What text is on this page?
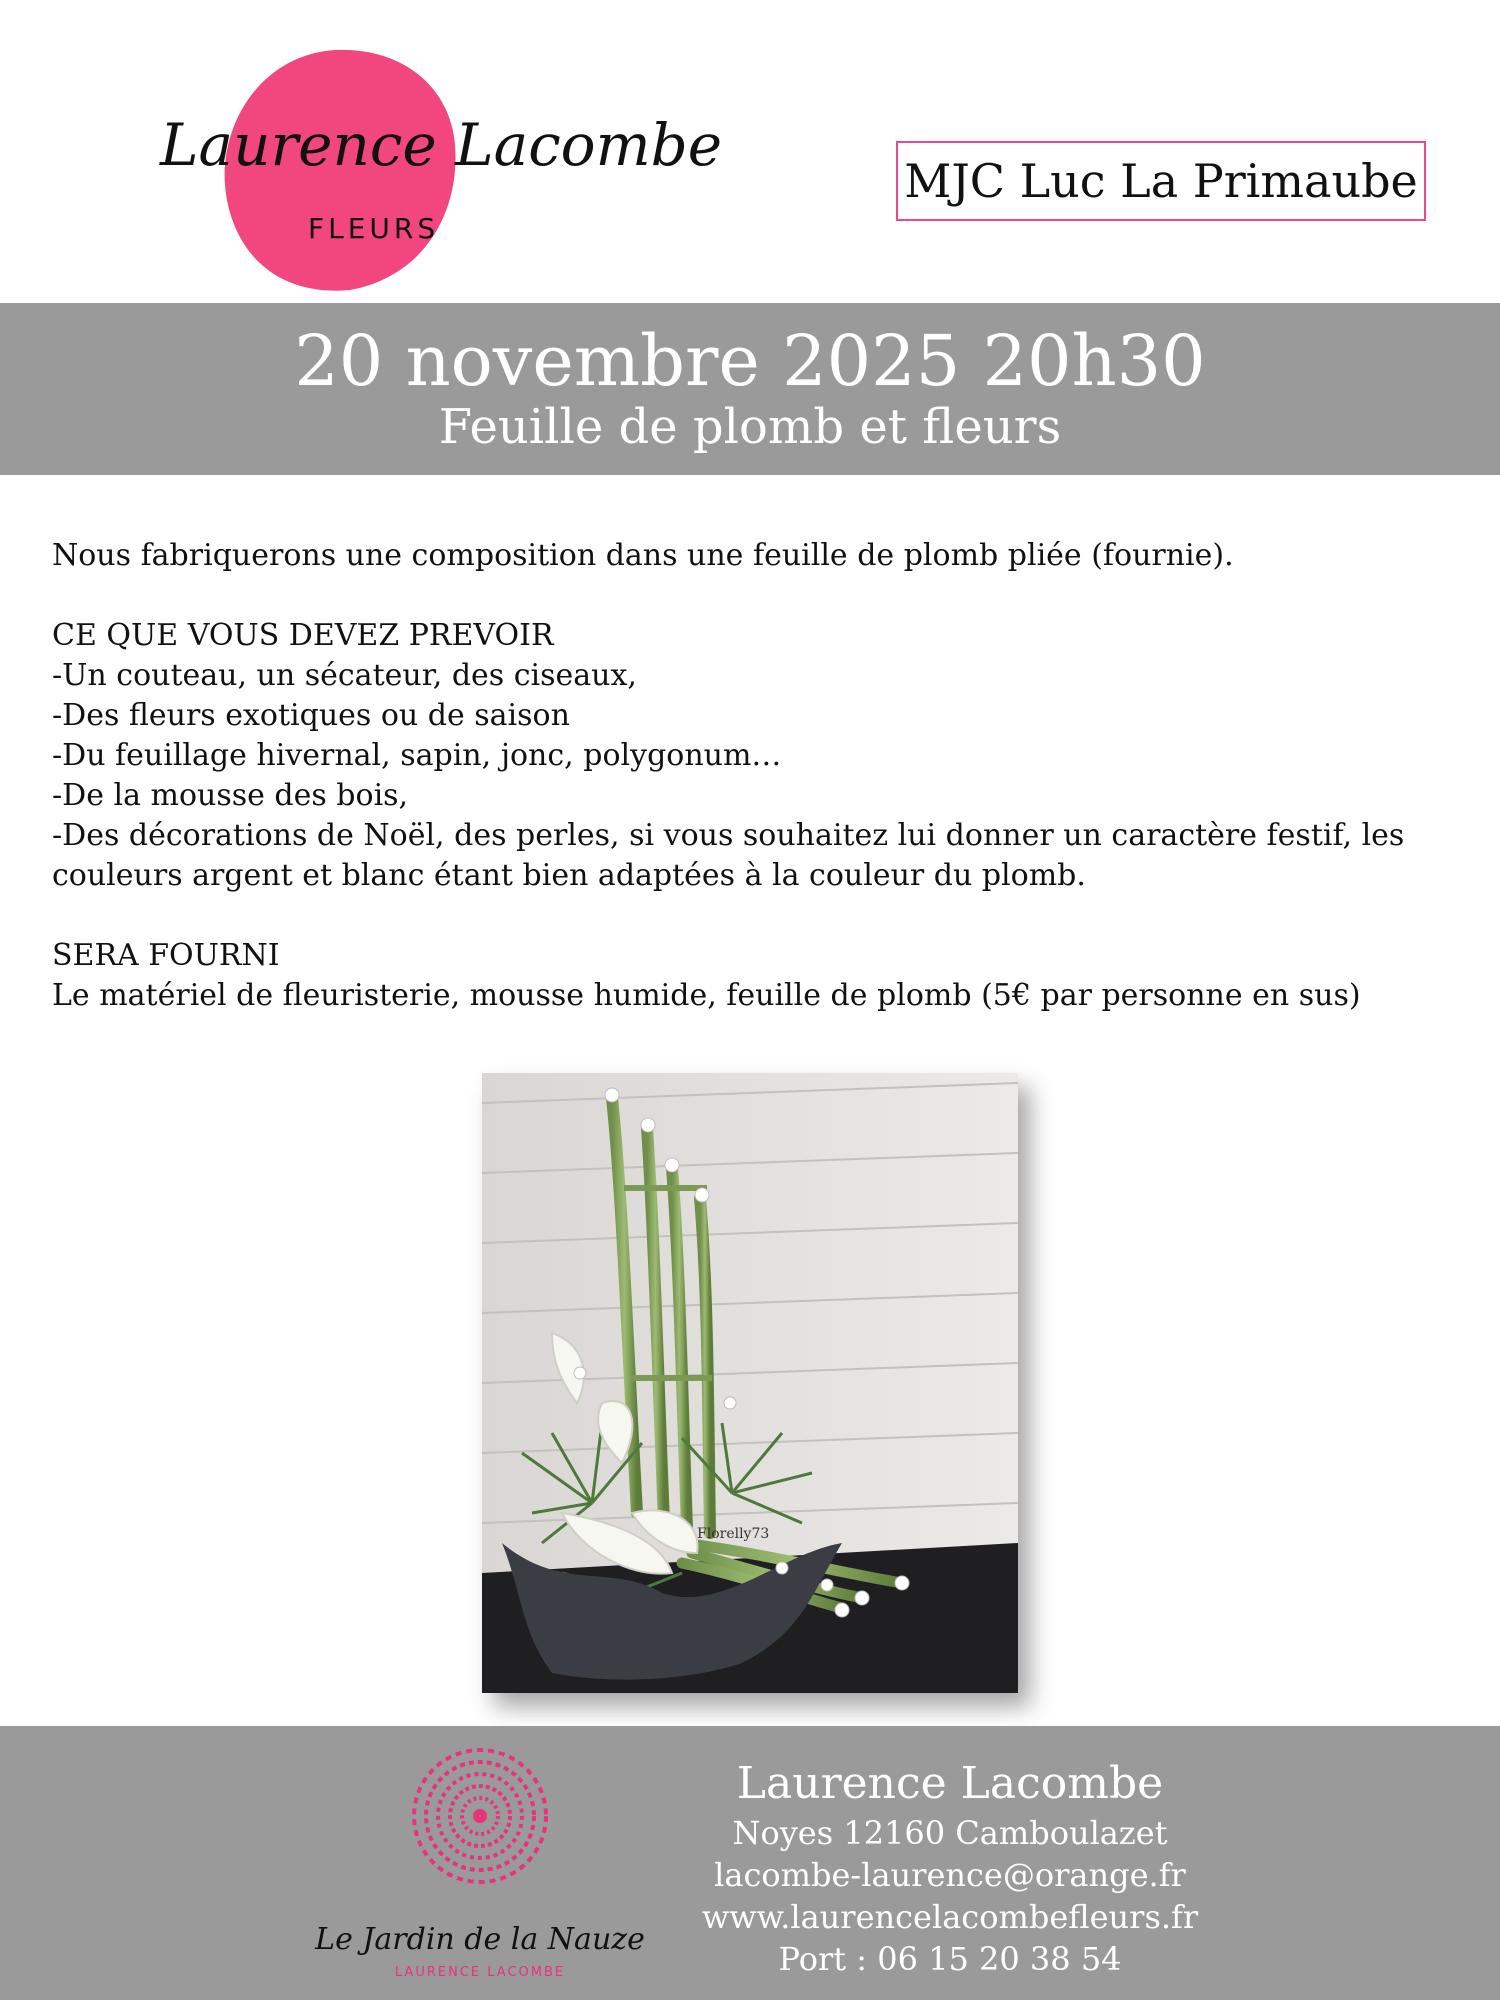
Laurence Lacombe
FLEURS
MJC Luc La Primaube
20 novembre 2025 20h30
Feuille de plomb et fleurs

Nous fabriquerons une composition dans une feuille de plomb pliée (fournie).

CE QUE VOUS DEVEZ PREVOIR

-Un couteau, un sécateur, des ciseaux,

-Des fleurs exotiques ou de saison

-Du feuillage hivernal, sapin, jonc, polygonum…

-De la mousse des bois,

-Des décorations de Noël, des perles, si vous souhaitez lui donner un caractère festif, les couleurs argent et blanc étant bien adaptées à la couleur du plomb.

SERA FOURNI

Le matériel de fleuristerie, mousse humide, feuille de plomb (5€ par personne en sus)

Florelly73
Le Jardin de la Nauze
LAURENCE LACOMBE
Laurence Lacombe
Noyes 12160 Camboulazet
lacombe-laurence@orange.fr
www.laurencelacombefleurs.fr
Port : 06 15 20 38 54
